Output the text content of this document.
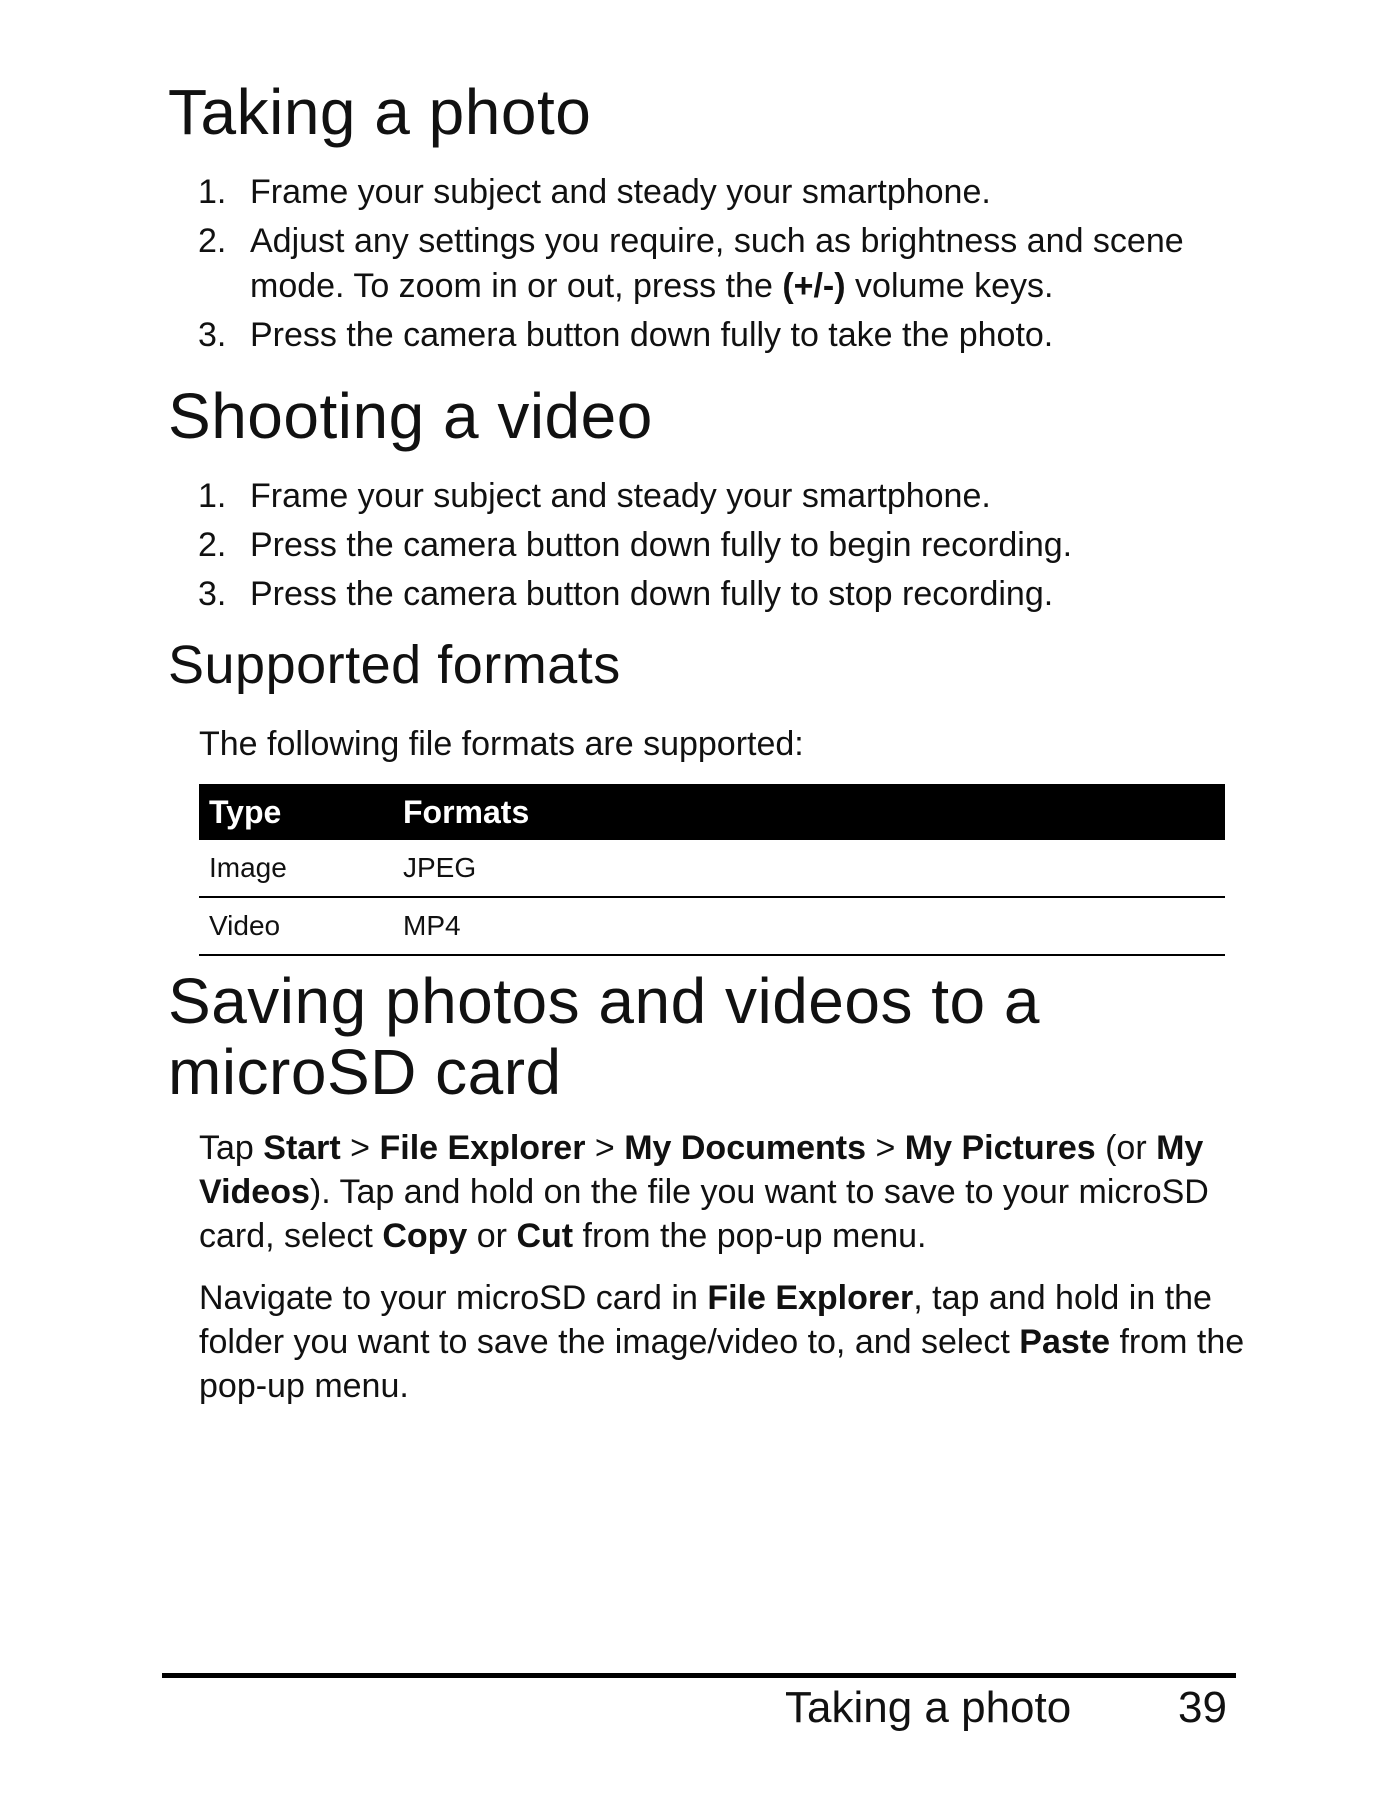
Taking a photo
1. Frame your subject and steady your smartphone.
2. Adjust any settings you require, such as brightness and scene mode. To zoom in or out, press the (+/-) volume keys.
3. Press the camera button down fully to take the photo.
Shooting a video
1. Frame your subject and steady your smartphone.
2. Press the camera button down fully to begin recording.
3. Press the camera button down fully to stop recording.
Supported formats

The following file formats are supported:

Type	Formats
Image	JPEG
Video	MP4
Saving photos and videos to a microSD card

Tap Start > File Explorer > My Documents > My Pictures (or My Videos). Tap and hold on the file you want to save to your microSD card, select Copy or Cut from the pop-up menu.

Navigate to your microSD card in File Explorer, tap and hold in the folder you want to save the image/video to, and select Paste from the pop-up menu.

Taking a photo 39
